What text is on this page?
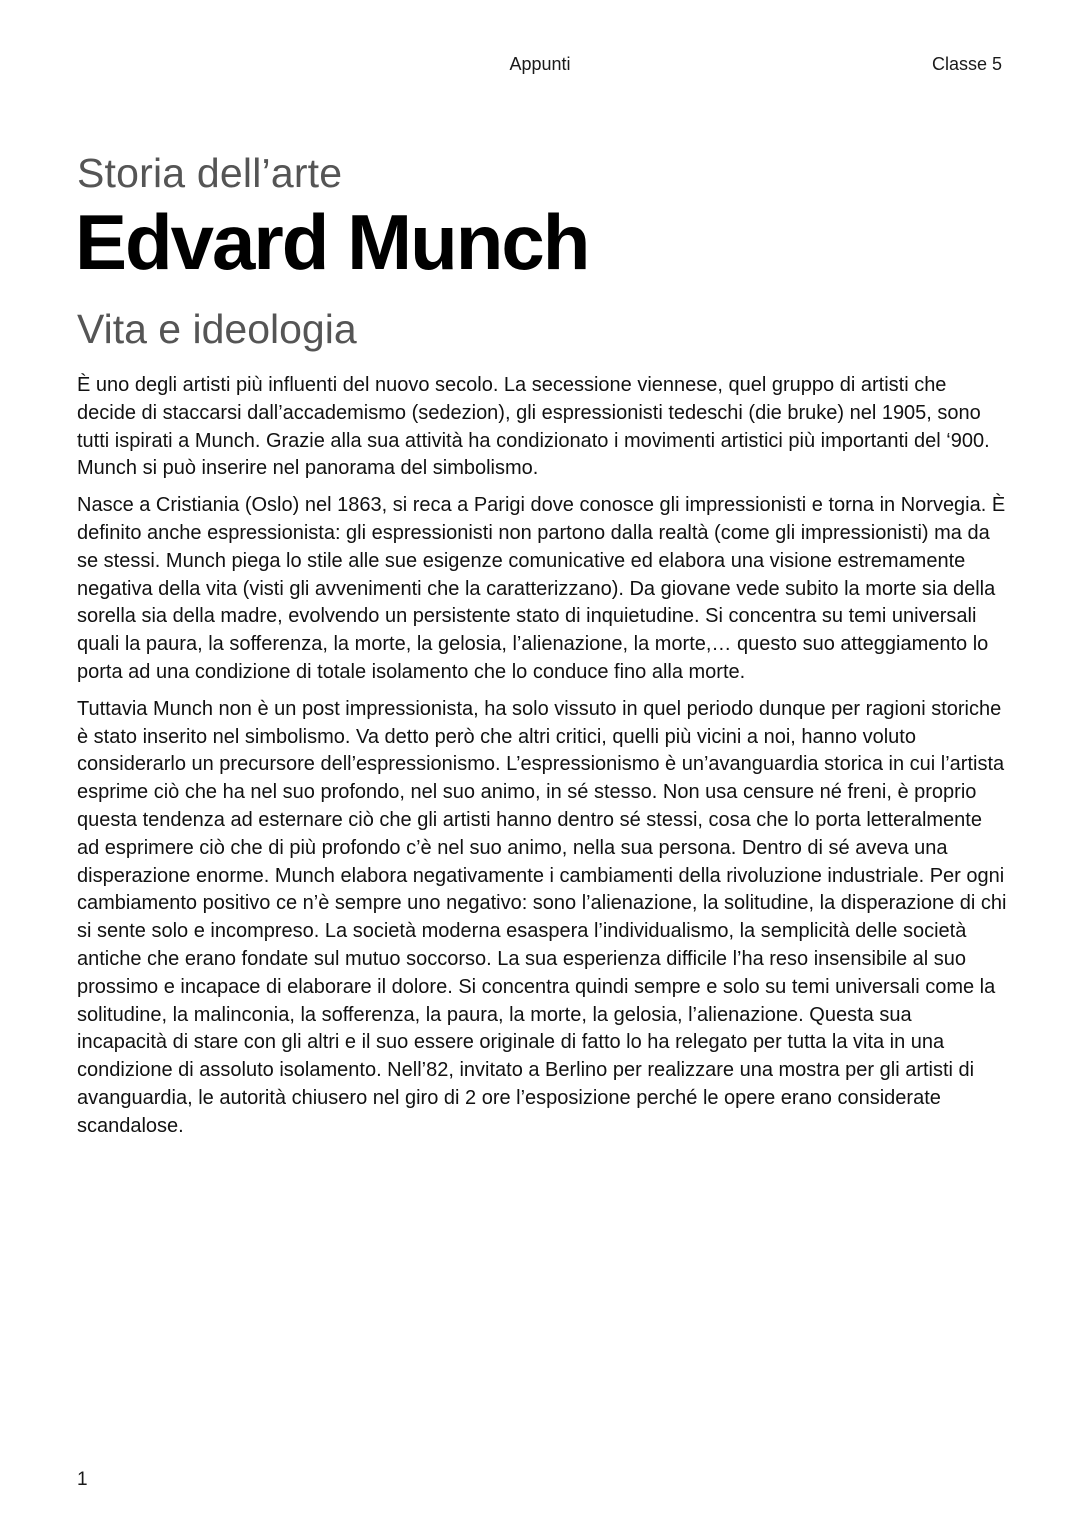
Appunti	Classe 5
Storia dell’arte
Edvard Munch
Vita e ideologia

È uno degli artisti più influenti del nuovo secolo. La secessione viennese, quel gruppo di artisti che decide di staccarsi dall’accademismo (sedezion), gli espressionisti tedeschi (die bruke) nel 1905, sono tutti ispirati a Munch. Grazie alla sua attività ha condizionato i movimenti artistici più importanti del ‘900. Munch si può inserire nel panorama del simbolismo.

Nasce a Cristiania (Oslo) nel 1863, si reca a Parigi dove conosce gli impressionisti e torna in Norvegia. È definito anche espressionista: gli espressionisti non partono dalla realtà (come gli impressionisti) ma da se stessi. Munch piega lo stile alle sue esigenze comunicative ed elabora una visione estremamente negativa della vita (visti gli avvenimenti che la caratterizzano). Da giovane vede subito la morte sia della sorella sia della madre, evolvendo un persistente stato di inquietudine. Si concentra su temi universali quali la paura, la sofferenza, la morte, la gelosia, l’alienazione, la morte,… questo suo atteggiamento lo porta ad una condizione di totale isolamento che lo conduce fino alla morte.

Tuttavia Munch non è un post impressionista, ha solo vissuto in quel periodo dunque per ragioni storiche è stato inserito nel simbolismo. Va detto però che altri critici, quelli più vicini a noi, hanno voluto considerarlo un precursore dell’espressionismo. L’espressionismo è un’avanguardia storica in cui l’artista esprime ciò che ha nel suo profondo, nel suo animo, in sé stesso. Non usa censure né freni, è proprio questa tendenza ad esternare ciò che gli artisti hanno dentro sé stessi, cosa che lo porta letteralmente ad esprimere ciò che di più profondo c’è nel suo animo, nella sua persona. Dentro di sé aveva una disperazione enorme. Munch elabora negativamente i cambiamenti della rivoluzione industriale. Per ogni cambiamento positivo ce n’è sempre uno negativo: sono l’alienazione, la solitudine, la disperazione di chi si sente solo e incompreso. La società moderna esaspera l’individualismo, la semplicità delle società antiche che erano fondate sul mutuo soccorso. La sua esperienza difficile l’ha reso insensibile al suo prossimo e incapace di elaborare il dolore. Si concentra quindi sempre e solo su temi universali come la solitudine, la malinconia, la sofferenza, la paura, la morte, la gelosia, l’alienazione. Questa sua incapacità di stare con gli altri e il suo essere originale di fatto lo ha relegato per tutta la vita in una condizione di assoluto isolamento. Nell’82, invitato a Berlino per realizzare una mostra per gli artisti di avanguardia, le autorità chiusero nel giro di 2 ore l’esposizione perché le opere erano considerate scandalose.

1
